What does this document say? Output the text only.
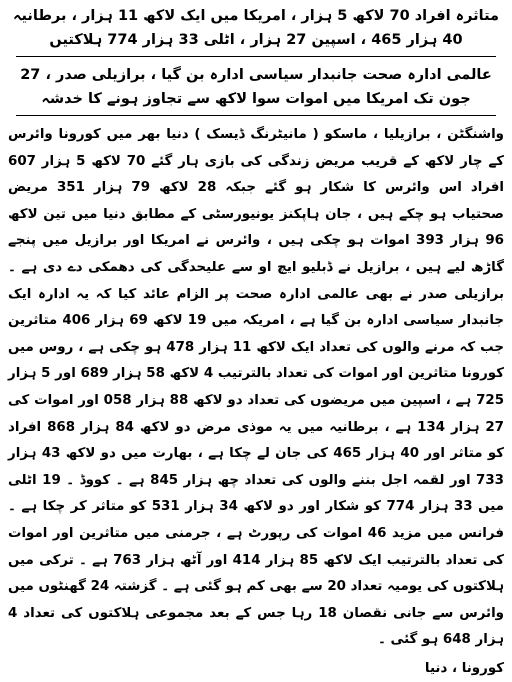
متاثرہ افراد 70 لاکھ 5 ہزار ، امریکا میں ایک لاکھ 11 ہزار ، برطانیہ 40 ہزار 465 ، اسپین 27 ہزار ، اٹلی 33 ہزار 774 ہلاکتیں

عالمی ادارہ صحت جانبدار سیاسی ادارہ بن گیا ، برازیلی صدر ، 27 جون تک امریکا میں اموات سوا لاکھ سے تجاوز ہونے کا خدشہ

واشنگٹن ، برازیلیا ، ماسکو ( مانیٹرنگ ڈیسک ) دنیا بھر میں کورونا وائرس کے چار لاکھ کے قریب مریض زندگی کی بازی ہار گئے 70 لاکھ 5 ہزار 607 افراد اس وائرس کا شکار ہو گئے جبکہ 28 لاکھ 79 ہزار 351 مریض صحتیاب ہو چکے ہیں ، جان ہاپکنز یونیورسٹی کے مطابق دنیا میں تین لاکھ 96 ہزار 393 اموات ہو چکی ہیں ، وائرس نے امریکا اور برازیل میں پنجے گاڑھ لیے ہیں ، برازیل نے ڈبلیو ایچ او سے علیحدگی کی دھمکی دے دی ہے ۔ برازیلی صدر نے بھی عالمی ادارہ صحت پر الزام عائد کیا کہ یہ ادارہ ایک جانبدار سیاسی ادارہ بن گیا ہے ، امریکہ میں 19 لاکھ 69 ہزار 406 متاثرین جب کہ مرنے والوں کی تعداد ایک لاکھ 11 ہزار 478 ہو چکی ہے ، روس میں کورونا متاثرین اور اموات کی تعداد بالترتیب 4 لاکھ 58 ہزار 689 اور 5 ہزار 725 ہے ، اسپین میں مریضوں کی تعداد دو لاکھ 88 ہزار 058 اور اموات کی 27 ہزار 134 ہے ، برطانیہ میں یہ موذی مرض دو لاکھ 84 ہزار 868 افراد کو متاثر اور 40 ہزار 465 کی جان لے چکا ہے ، بھارت میں دو لاکھ 43 ہزار 733 اور لقمہ اجل بننے والوں کی تعداد چھ ہزار 845 ہے ۔ کووڈ ۔ 19 اٹلی میں 33 ہزار 774 کو شکار اور دو لاکھ 34 ہزار 531 کو متاثر کر چکا ہے ۔ فرانس میں مزید 46 اموات کی رپورٹ ہے ، جرمنی میں متاثرین اور اموات کی تعداد بالترتیب ایک لاکھ 85 ہزار 414 اور آٹھ ہزار 763 ہے ۔ ترکی میں ہلاکتوں کی یومیہ تعداد 20 سے بھی کم ہو گئی ہے ۔ گزشتہ 24 گھنٹوں میں وائرس سے جانی نقصان 18 رہا جس کے بعد مجموعی ہلاکتوں کی تعداد 4 ہزار 648 ہو گئی ۔

کورونا ، دنیا
